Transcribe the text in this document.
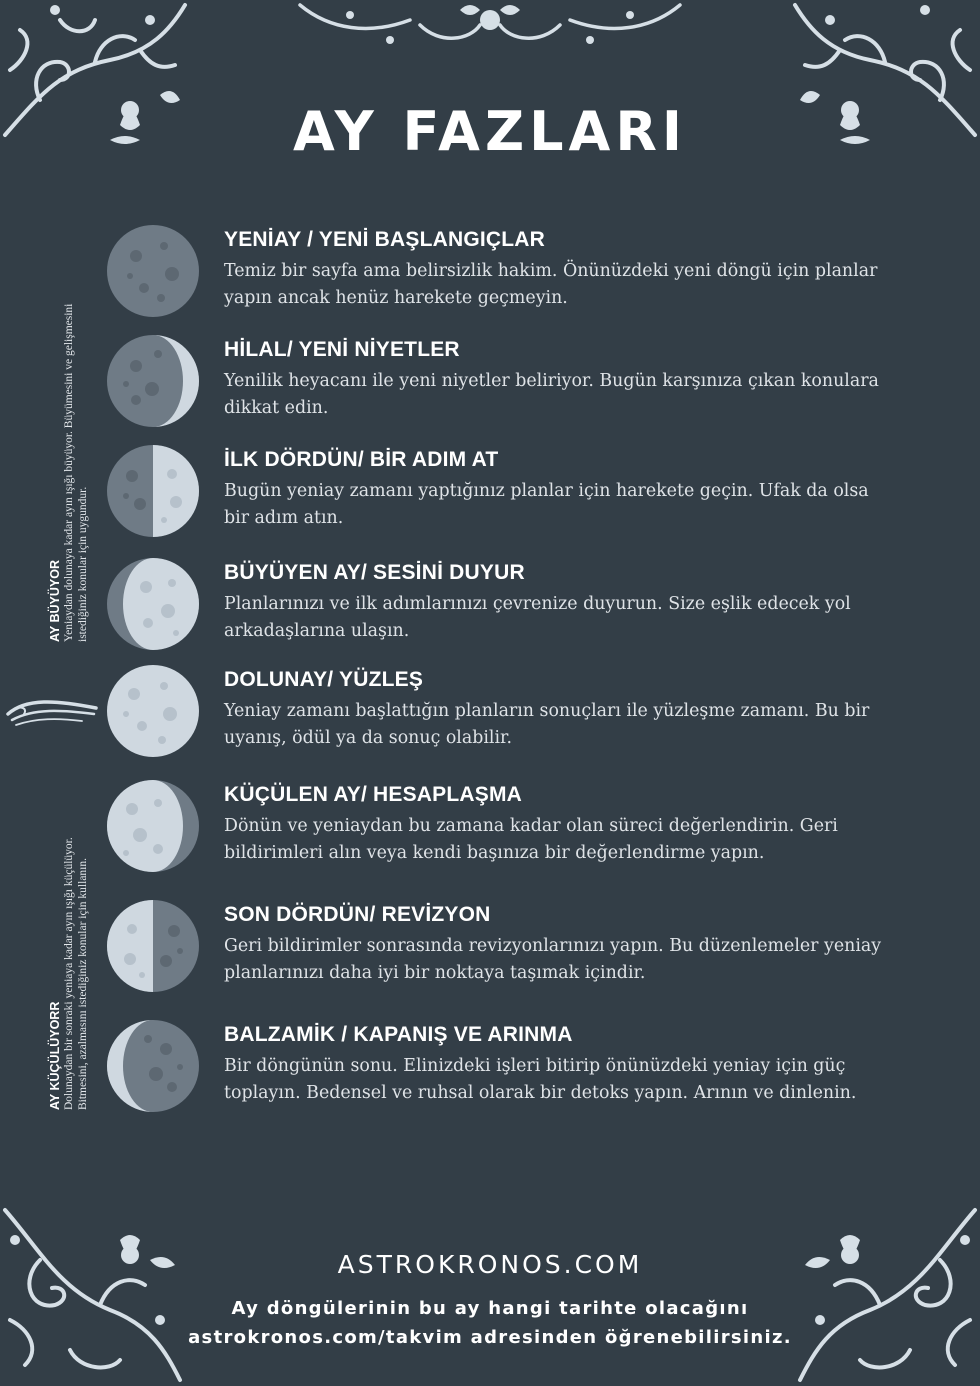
AY FAZLARI
AY BÜYÜYOR Yeniaydan dolunaya kadar ayın ışığı büyüyor. Büyümesini ve gelişmesini istediğiniz konular için uygundur.
AY KÜÇÜLÜYORR Dolunaydan bir sonraki yeniaya kadar ayın ışığı küçülüyor. Bitmesini, azalmasını istediğiniz konular için kullanın.
YENİAY / YENİ BAŞLANGIÇLAR
Temiz bir sayfa ama belirsizlik hakim. Önünüzdeki yeni döngü için planlar yapın ancak henüz harekete geçmeyin.
HİLAL/ YENİ NİYETLER
Yenilik heyacanı ile yeni niyetler beliriyor. Bugün karşınıza çıkan konulara dikkat edin.
İLK DÖRDÜN/ BİR ADIM AT
Bugün yeniay zamanı yaptığınız planlar için harekete geçin. Ufak da olsa bir adım atın.
BÜYÜYEN AY/ SESİNİ DUYUR
Planlarınızı ve ilk adımlarınızı çevrenize duyurun. Size eşlik edecek yol arkadaşlarına ulaşın.
DOLUNAY/ YÜZLEŞ
Yeniay zamanı başlattığın planların sonuçları ile yüzleşme zamanı. Bu bir uyanış, ödül ya da sonuç olabilir.
KÜÇÜLEN AY/ HESAPLAŞMA
Dönün ve yeniaydan bu zamana kadar olan süreci değerlendirin. Geri bildirimleri alın veya kendi başınıza bir değerlendirme yapın.
SON DÖRDÜN/ REVİZYON
Geri bildirimler sonrasında revizyonlarınızı yapın. Bu düzenlemeler yeniay planlarınızı daha iyi bir noktaya taşımak içindir.
BALZAMİK / KAPANIŞ VE ARINMA
Bir döngünün sonu. Elinizdeki işleri bitirip önünüzdeki yeniay için güç toplayın. Bedensel ve ruhsal olarak bir detoks yapın. Arının ve dinlenin.
ASTROKRONOS.COM
Ay döngülerinin bu ay hangi tarihte olacağını
astrokronos.com/takvim adresinden öğrenebilirsiniz.
